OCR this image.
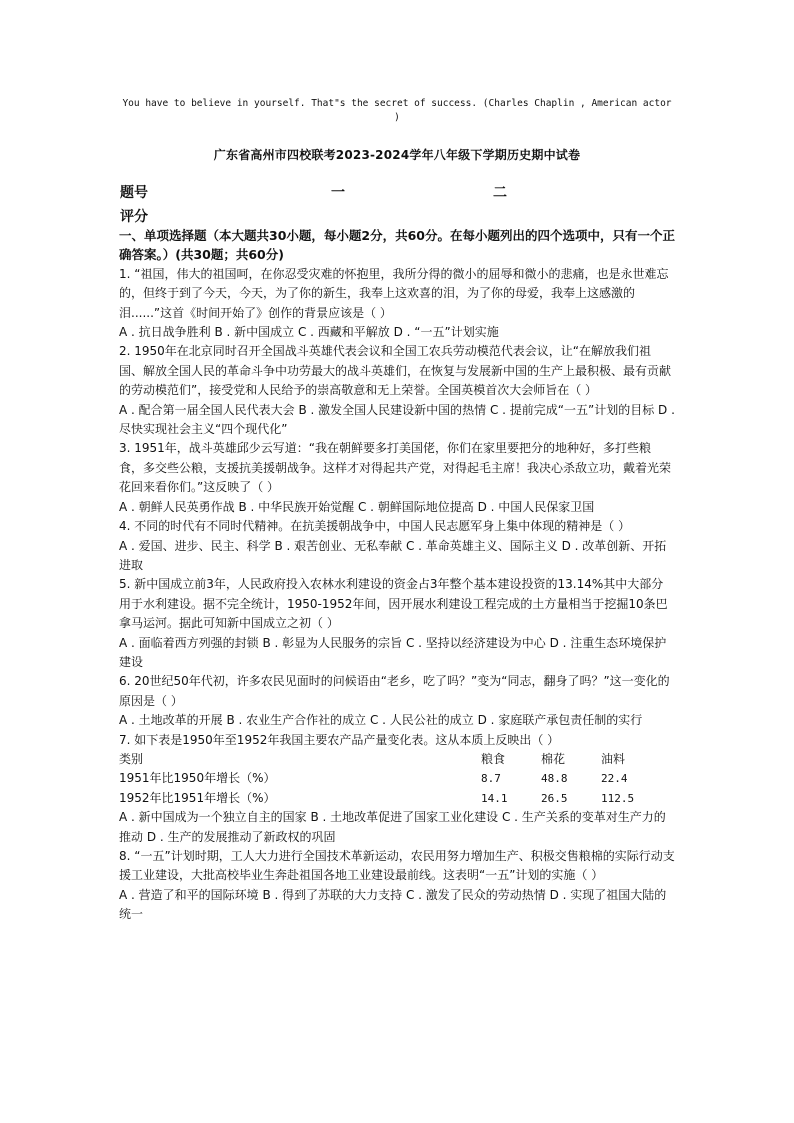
You have to believe in yourself. That"s the secret of success. (Charles Chaplin , American actor )
广东省高州市四校联考2023-2024学年八年级下学期历史期中试卷
题号	一	二
评分

一、单项选择题（本大题共30小题，每小题2分，共60分。在每小题列出的四个选项中，只有一个正确答案。）(共30题；共60分)

1. “祖国，伟大的祖国呵，在你忍受灾难的怀抱里，我所分得的微小的屈辱和微小的悲痛，也是永世难忘的，但终于到了今天，今天，为了你的新生，我奉上这欢喜的泪，为了你的母爱，我奉上这感激的泪......”这首《时间开始了》创作的背景应该是（ ）

A . 抗日战争胜利 B . 新中国成立 C . 西藏和平解放 D . “一五”计划实施

2. 1950年在北京同时召开全国战斗英雄代表会议和全国工农兵劳动模范代表会议，让“在解放我们祖国、解放全国人民的革命斗争中功劳最大的战斗英雄们，在恢复与发展新中国的生产上最积极、最有贡献的劳动模范们”，接受党和人民给予的崇高敬意和无上荣誉。全国英模首次大会师旨在（ ）

A . 配合第一届全国人民代表大会 B . 激发全国人民建设新中国的热情 C . 提前完成“一五”计划的目标 D . 尽快实现社会主义“四个现代化”

3. 1951年，战斗英雄邱少云写道：“我在朝鲜要多打美国佬，你们在家里要把分的地种好，多打些粮食，多交些公粮，支援抗美援朝战争。这样才对得起共产党，对得起毛主席！我决心杀敌立功，戴着光荣花回来看你们。”这反映了（ ）

A . 朝鲜人民英勇作战 B . 中华民族开始觉醒 C . 朝鲜国际地位提高 D . 中国人民保家卫国

4. 不同的时代有不同时代精神。在抗美援朝战争中，中国人民志愿军身上集中体现的精神是（ ）

A . 爱国、进步、民主、科学 B . 艰苦创业、无私奉献 C . 革命英雄主义、国际主义 D . 改革创新、开拓进取

5. 新中国成立前3年，人民政府投入农林水利建设的资金占3年整个基本建设投资的13.14%其中大部分用于水利建设。据不完全统计，1950-1952年间，因开展水利建设工程完成的土方量相当于挖掘10条巴拿马运河。据此可知新中国成立之初（ ）

A . 面临着西方列强的封锁 B . 彰显为人民服务的宗旨 C . 坚持以经济建设为中心 D . 注重生态环境保护建设

6. 20世纪50年代初，许多农民见面时的问候语由“老乡，吃了吗？”变为“同志，翻身了吗？”这一变化的原因是（ ）

A . 土地改革的开展 B . 农业生产合作社的成立 C . 人民公社的成立 D . 家庭联产承包责任制的实行

7. 如下表是1950年至1952年我国主要农产品产量变化表。这从本质上反映出（ ）

类别	粮食	棉花	油料
1951年比1950年增长（%）	8.7	48.8	22.4
1952年比1951年增长（%）	14.1	26.5	112.5

A . 新中国成为一个独立自主的国家 B . 土地改革促进了国家工业化建设 C . 生产关系的变革对生产力的推动 D . 生产的发展推动了新政权的巩固

8. “一五”计划时期，工人大力进行全国技术革新运动，农民用努力增加生产、积极交售粮棉的实际行动支援工业建设，大批高校毕业生奔赴祖国各地工业建设最前线。这表明“一五”计划的实施（ ）

A . 营造了和平的国际环境 B . 得到了苏联的大力支持 C . 激发了民众的劳动热情 D . 实现了祖国大陆的统一
